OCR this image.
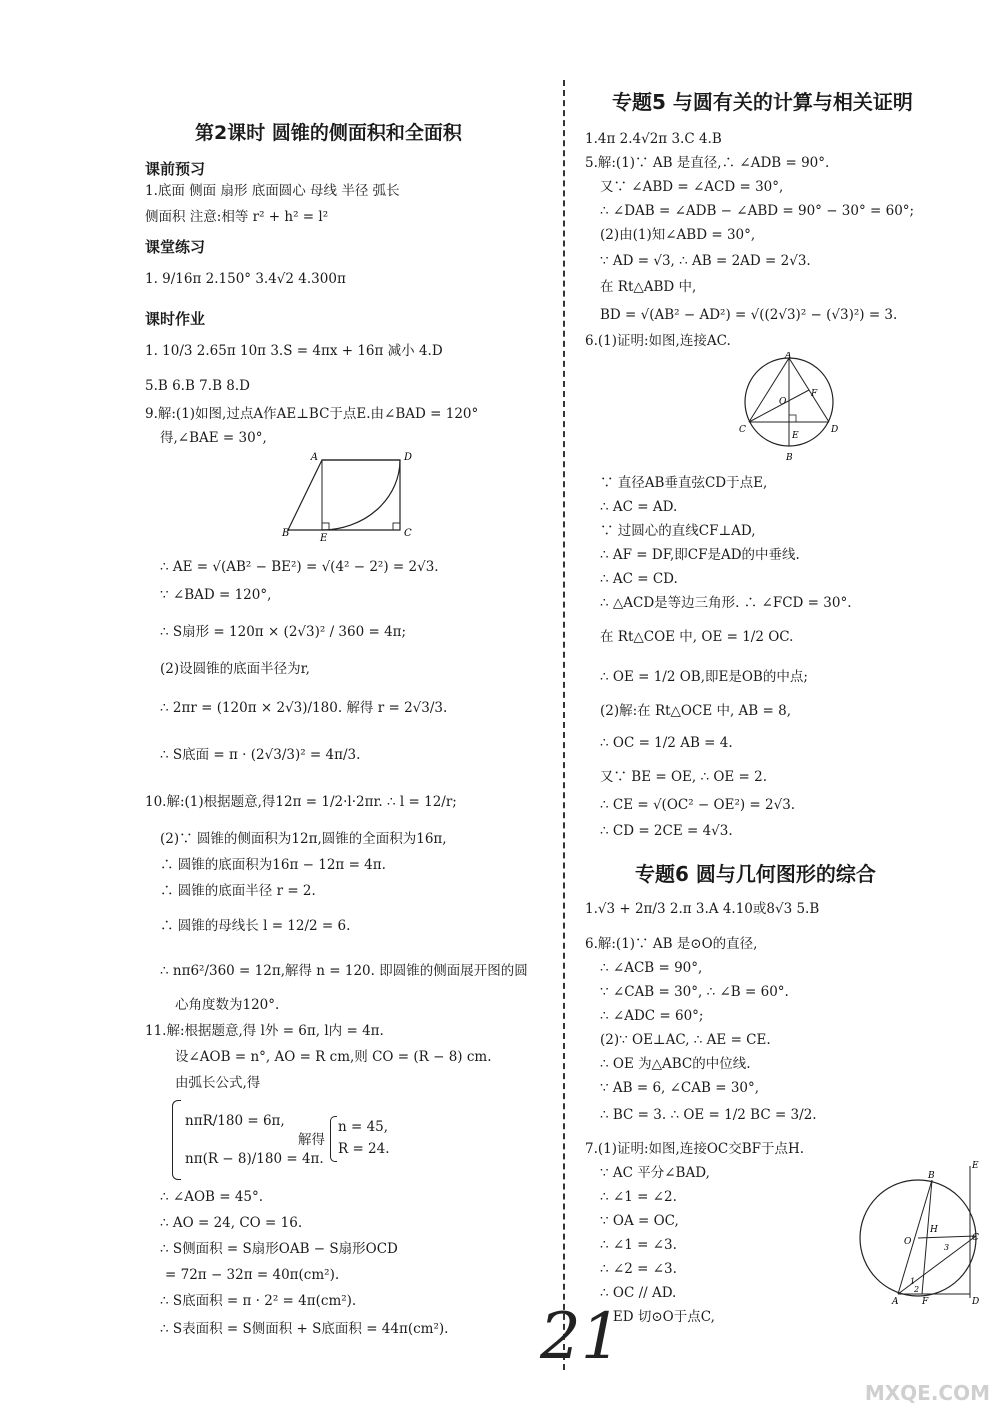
第2课时 圆锥的侧面积和全面积
课前预习
1.底面 侧面 扇形 底面圆心 母线 半径 弧长
侧面积 注意:相等 r² + h² = l²
课堂练习
1. 9/16π 2.150° 3.4√2 4.300π
课时作业
1. 10/3 2.65π 10π 3.S = 4πx + 16π 减小 4.D
5.B 6.B 7.B 8.D
9.解:(1)如图,过点A作AE⊥BC于点E.由∠BAD = 120°
得,∠BAE = 30°,
A	D
B	C
E
∴ AE = √(AB² − BE²) = √(4² − 2²) = 2√3.
∵ ∠BAD = 120°,
∴ S扇形 = 120π × (2√3)² / 360 = 4π;
(2)设圆锥的底面半径为r,
∴ 2πr = (120π × 2√3)/180. 解得 r = 2√3/3.
∴ S底面 = π · (2√3/3)² = 4π/3.
10.解:(1)根据题意,得12π = 1/2·l·2πr. ∴ l = 12/r;
(2)∵ 圆锥的侧面积为12π,圆锥的全面积为16π,
∴ 圆锥的底面积为16π − 12π = 4π.
∴ 圆锥的底面半径 r = 2.
∴ 圆锥的母线长 l = 12/2 = 6.
∴ nπ6²/360 = 12π,解得 n = 120. 即圆锥的侧面展开图的圆
心角度数为120°.
11.解:根据题意,得 l外 = 6π, l内 = 4π.
设∠AOB = n°, AO = R cm,则 CO = (R − 8) cm.
由弧长公式,得
nπR/180 = 6π,
nπ(R − 8)/180 = 4π.
解得
n = 45,
R = 24.
∴ ∠AOB = 45°.
∴ AO = 24, CO = 16.
∴ S侧面积 = S扇形OAB − S扇形OCD
= 72π − 32π = 40π(cm²).
∴ S底面积 = π · 2² = 4π(cm²).
∴ S表面积 = S侧面积 + S底面积 = 44π(cm²).
专题5 与圆有关的计算与相关证明
1.4π 2.4√2π 3.C 4.B
5.解:(1)∵ AB 是直径,∴ ∠ADB = 90°.
又∵ ∠ABD = ∠ACD = 30°,
∴ ∠DAB = ∠ADB − ∠ABD = 90° − 30° = 60°;
(2)由(1)知∠ABD = 30°,
∵ AD = √3, ∴ AB = 2AD = 2√3.
在 Rt△ABD 中,
BD = √(AB² − AD²) = √((2√3)² − (√3)²) = 3.
6.(1)证明:如图,连接AC.
A
C	D
B
E
F
O
∵ 直径AB垂直弦CD于点E,
∴ AC = AD.
∵ 过圆心的直线CF⊥AD,
∴ AF = DF,即CF是AD的中垂线.
∴ AC = CD.
∴ △ACD是等边三角形. ∴ ∠FCD = 30°.
在 Rt△COE 中, OE = 1/2 OC.
∴ OE = 1/2 OB,即E是OB的中点;
(2)解:在 Rt△OCE 中, AB = 8,
∴ OC = 1/2 AB = 4.
又∵ BE = OE, ∴ OE = 2.
∴ CE = √(OC² − OE²) = 2√3.
∴ CD = 2CE = 4√3.
专题6 圆与几何图形的综合
1.√3 + 2π/3 2.π 3.A 4.10或8√3 5.B
6.解:(1)∵ AB 是⊙O的直径,
∴ ∠ACB = 90°,
∵ ∠CAB = 30°, ∴ ∠B = 60°.
∴ ∠ADC = 60°;
(2)∵ OE⊥AC, ∴ AE = CE.
∴ OE 为△ABC的中位线.
∵ AB = 6, ∠CAB = 30°,
∴ BC = 3. ∴ OE = 1/2 BC = 3/2.
7.(1)证明:如图,连接OC交BF于点H.
∵ AC 平分∠BAD,
∴ ∠1 = ∠2.
∵ OA = OC,
∴ ∠1 = ∠3.
∴ ∠2 = ∠3.
∴ OC // AD.
∵ ED 切⊙O于点C,
B
E
C
D
A	F
O
H
1
2
3
21
MXQE.COM
